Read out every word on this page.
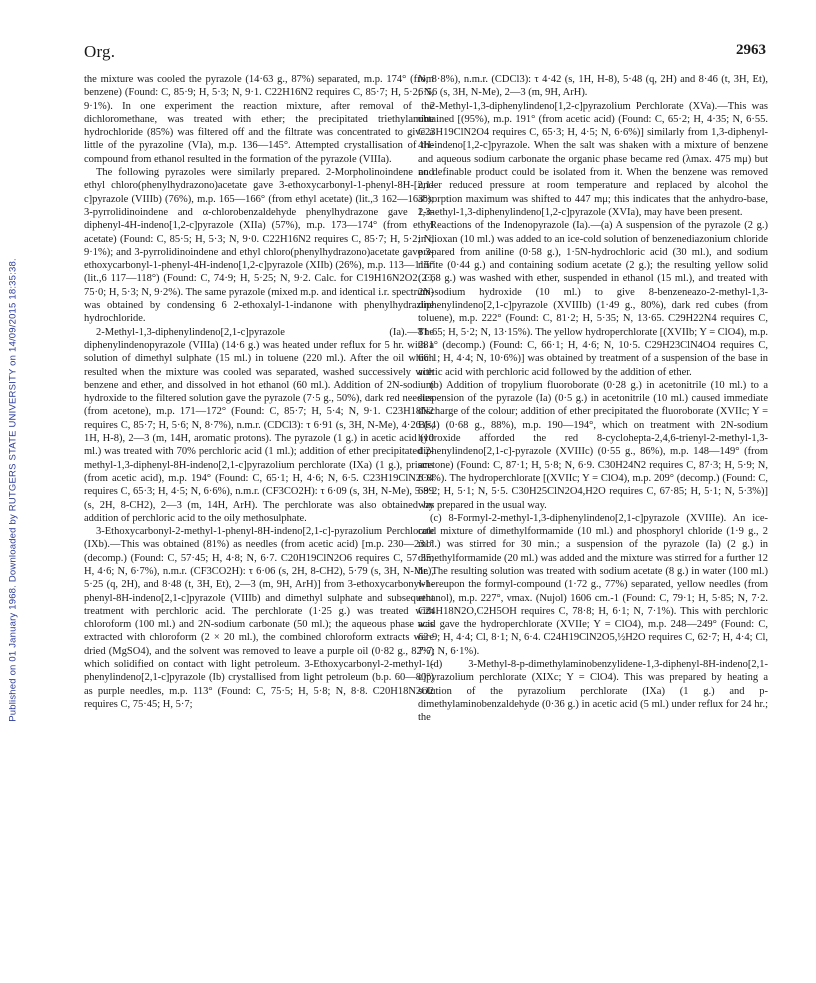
Org.	2963
Published on 01 January 1968. Downloaded by RUTGERS STATE UNIVERSITY on 14/09/2015 18:35:38.

the mixture was cooled the pyrazole (14·63 g., 87%) separated, m.p. 174° (from benzene) (Found: C, 85·9; H, 5·3; N, 9·1. C22H16N2 requires C, 85·7; H, 5·2; N, 9·1%). In one experiment the reaction mixture, after removal of the dichloromethane, was treated with ether; the precipitated triethylamine hydrochloride (85%) was filtered off and the filtrate was concentrated to give a little of the pyrazoline (VIa), m.p. 136—145°. Attempted crystallisation of the compound from ethanol resulted in the formation of the pyrazole (VIIIa).

The following pyrazoles were similarly prepared. 2-Morpholinoindene and ethyl chloro(phenylhydrazono)acetate gave 3-ethoxycarbonyl-1-phenyl-8H-[2,1-c]pyrazole (VIIIb) (76%), m.p. 165—166° (from ethyl acetate) (lit.,3 162—163°); 3-pyrrolidinoindene and α-chlorobenzaldehyde phenylhydrazone gave 1,3-diphenyl-4H-indeno[1,2-c]pyrazole (XIIa) (57%), m.p. 173—174° (from ethyl acetate) (Found: C, 85·5; H, 5·3; N, 9·0. C22H16N2 requires C, 85·7; H, 5·2; N, 9·1%); and 3-pyrrolidinoindene and ethyl chloro(phenylhydrazono)acetate gave 3-ethoxycarbonyl-1-phenyl-4H-indeno[1,2-c]pyrazole (XIIb) (26%), m.p. 113—115° (lit.,6 117—118°) (Found: C, 74·9; H, 5·25; N, 9·2. Calc. for C19H16N2O2: C, 75·0; H, 5·3; N, 9·2%). The same pyrazole (mixed m.p. and identical i.r. spectrum) was obtained by condensing 6 2-ethoxalyl-1-indanone with phenylhydrazine hydrochloride.

2-Methyl-1,3-diphenylindeno[2,1-c]pyrazole (Ia).—The diphenylindenopyrazole (VIIIa) (14·6 g.) was heated under reflux for 5 hr. with a solution of dimethyl sulphate (15 ml.) in toluene (220 ml.). After the oil which resulted when the mixture was cooled was separated, washed successively with benzene and ether, and dissolved in hot ethanol (60 ml.). Addition of 2N-sodium hydroxide to the filtered solution gave the pyrazole (7·5 g., 50%), dark red needles (from acetone), m.p. 171—172° (Found: C, 85·7; H, 5·4; N, 9·1. C23H18N2 requires C, 85·7; H, 5·6; N, 8·7%), n.m.r. (CDCl3): τ 6·91 (s, 3H, N-Me), 4·26 (s, 1H, H-8), 2—3 (m, 14H, aromatic protons). The pyrazole (1 g.) in acetic acid (10 ml.) was treated with 70% perchloric acid (1 ml.); addition of ether precipitated 2-methyl-1,3-diphenyl-8H-indeno[2,1-c]pyrazolium perchlorate (IXa) (1 g.), prisms (from acetic acid), m.p. 194° (Found: C, 65·1; H, 4·6; N, 6·5. C23H19ClN2O4 requires C, 65·3; H, 4·5; N, 6·6%), n.m.r. (CF3CO2H): τ 6·09 (s, 3H, N-Me), 5·99 (s, 2H, 8-CH2), 2—3 (m, 14H, ArH). The perchlorate was also obtained by addition of perchloric acid to the oily methosulphate.

3-Ethoxycarbonyl-2-methyl-1-phenyl-8H-indeno[2,1-c]-pyrazolium Perchlorate (IXb).—This was obtained (81%) as needles (from acetic acid) [m.p. 230—231° (decomp.) (Found: C, 57·45; H, 4·8; N, 6·7. C20H19ClN2O6 requires C, 57·35; H, 4·6; N, 6·7%), n.m.r. (CF3CO2H): τ 6·06 (s, 2H, 8-CH2), 5·79 (s, 3H, N-Me), 5·25 (q, 2H), and 8·48 (t, 3H, Et), 2—3 (m, 9H, ArH)] from 3-ethoxycarbonyl-1-phenyl-8H-indeno[2,1-c]pyrazole (VIIIb) and dimethyl sulphate and subsequent treatment with perchloric acid. The perchlorate (1·25 g.) was treated with chloroform (100 ml.) and 2N-sodium carbonate (50 ml.); the aqueous phase was extracted with chloroform (2 × 20 ml.), the combined chloroform extracts were dried (MgSO4), and the solvent was removed to leave a purple oil (0·82 g., 82%) which solidified on contact with light petroleum. 3-Ethoxycarbonyl-2-methyl-1-phenylindeno[2,1-c]pyrazole (Ib) crystallised from light petroleum (b.p. 60—80°) as purple needles, m.p. 113° (Found: C, 75·5; H, 5·8; N, 8·8. C20H18N2O2 requires C, 75·45; H, 5·7;

N, 8·8%), n.m.r. (CDCl3): τ 4·42 (s, 1H, H-8), 5·48 (q, 2H) and 8·46 (t, 3H, Et), 6·56 (s, 3H, N-Me), 2—3 (m, 9H, ArH).

2-Methyl-1,3-diphenylindeno[1,2-c]pyrazolium Perchlorate (XVa).—This was obtained [(95%), m.p. 191° (from acetic acid) (Found: C, 65·2; H, 4·35; N, 6·55. C23H19ClN2O4 requires C, 65·3; H, 4·5; N, 6·6%)] similarly from 1,3-diphenyl-4H-indeno[1,2-c]pyrazole. When the salt was shaken with a mixture of benzene and aqueous sodium carbonate the organic phase became red (λmax. 475 mμ) but no definable product could be isolated from it. When the benzene was removed under reduced pressure at room temperature and replaced by alcohol the absorption maximum was shifted to 447 mμ; this indicates that the anhydro-base, 2-methyl-1,3-diphenylindeno[1,2-c]pyrazole (XVIa), may have been present.

Reactions of the Indenopyrazole (Ia).—(a) A suspension of the pyrazole (2 g.) in dioxan (10 ml.) was added to an ice-cold solution of benzenediazonium chloride prepared from aniline (0·58 g.), 1·5N-hydrochloric acid (30 ml.), and sodium nitrite (0·44 g.) and containing sodium acetate (2 g.); the resulting yellow solid (2·68 g.) was washed with ether, suspended in ethanol (15 ml.), and treated with 2N-sodium hydroxide (10 ml.) to give 8-benzeneazo-2-methyl-1,3-diphenylindeno[2,1-c]pyrazole (XVIIIb) (1·49 g., 80%), dark red cubes (from toluene), m.p. 222° (Found: C, 81·2; H, 5·35; N, 13·65. C29H22N4 requires C, 81·65; H, 5·2; N, 13·15%). The yellow hydroperchlorate [(XVIIb; Y = ClO4), m.p. 281° (decomp.) (Found: C, 66·1; H, 4·6; N, 10·5. C29H23ClN4O4 requires C, 66·1; H, 4·4; N, 10·6%)] was obtained by treatment of a suspension of the base in acetic acid with perchloric acid followed by the addition of ether.

(b) Addition of tropylium fluoroborate (0·28 g.) in acetonitrile (10 ml.) to a suspension of the pyrazole (Ia) (0·5 g.) in acetonitrile (10 ml.) caused immediate discharge of the colour; addition of ether precipitated the fluoroborate (XVIIc; Y = BF4) (0·68 g., 88%), m.p. 190—194°, which on treatment with 2N-sodium hydroxide afforded the red 8-cyclohepta-2,4,6-trienyl-2-methyl-1,3-diphenylindeno[2,1-c]-pyrazole (XVIIIc) (0·55 g., 86%), m.p. 148—149° (from acetone) (Found: C, 87·1; H, 5·8; N, 6·9. C30H24N2 requires C, 87·3; H, 5·9; N, 6·8%). The hydroperchlorate [(XVIIc; Y = ClO4), m.p. 209° (decomp.) (Found: C, 68·2; H, 5·1; N, 5·5. C30H25ClN2O4,H2O requires C, 67·85; H, 5·1; N, 5·3%)] was prepared in the usual way.

(c) 8-Formyl-2-methyl-1,3-diphenylindeno[2,1-c]pyrazole (XVIIIe). An ice-cold mixture of dimethylformamide (10 ml.) and phosphoryl chloride (1·9 g., 2 mol.) was stirred for 30 min.; a suspension of the pyrazole (Ia) (2 g.) in dimethylformamide (20 ml.) was added and the mixture was stirred for a further 12 hr. The resulting solution was treated with sodium acetate (8 g.) in water (100 ml.) whereupon the formyl-compound (1·72 g., 77%) separated, yellow needles (from ethanol), m.p. 227°, νmax. (Nujol) 1606 cm.-1 (Found: C, 79·1; H, 5·85; N, 7·2. C24H18N2O,C2H5OH requires C, 78·8; H, 6·1; N, 7·1%). This with perchloric acid gave the hydroperchlorate (XVIIe; Y = ClO4), m.p. 248—249° (Found: C, 62·9; H, 4·4; Cl, 8·1; N, 6·4. C24H19ClN2O5,½H2O requires C, 62·7; H, 4·4; Cl, 7·7; N, 6·1%).

(d) 3-Methyl-8-p-dimethylaminobenzylidene-1,3-diphenyl-8H-indeno[2,1-c]pyrazolium perchlorate (XIXc; Y = ClO4). This was prepared by heating a solution of the pyrazolium perchlorate (IXa) (1 g.) and p-dimethylaminobenzaldehyde (0·36 g.) in acetic acid (5 ml.) under reflux for 24 hr.; the
